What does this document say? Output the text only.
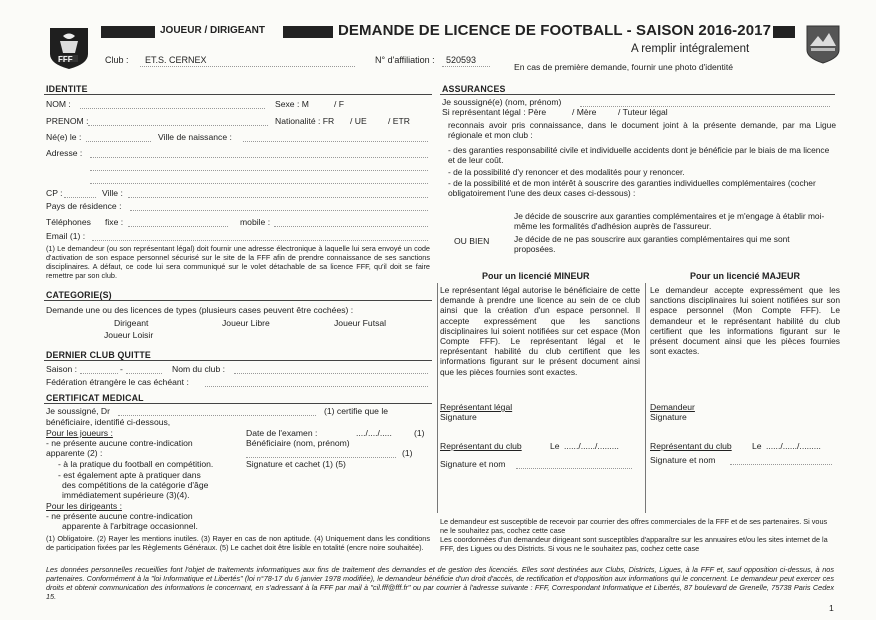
FFF
JOUEUR / DIRIGEANT	DEMANDE DE LICENCE DE FOOTBALL - SAISON 2016-2017
A remplir intégralement
En cas de première demande, fournir une photo d'identité
Club : ET.S. CERNEX	N° d'affiliation : 520593
IDENTITE
NOM :	Sexe : M	/ F
PRENOM :	Nationalité : FR / UE / ETR
Né(e) le :	Ville de naissance :
Adresse :
CP :	Ville :
Pays de résidence :
Téléphones fixe :	mobile :
Email (1) :
(1) Le demandeur (ou son représentant légal) doit fournir une adresse électronique à laquelle lui sera envoyé un code d'activation de son espace personnel sécurisé sur le site de la FFF afin de prendre connaissance de ses sanctions disciplinaires. A défaut, ce code lui sera communiqué sur le volet détachable de sa licence FFF, qu'il doit se faire remettre par son club.
CATEGORIE(S)
Demande une ou des licences de types (plusieurs cases peuvent être cochées) :
Dirigeant	Joueur Libre	Joueur Futsal
Joueur Loisir
DERNIER CLUB QUITTE
Saison :	-	Nom du club :
Fédération étrangère le cas échéant :
CERTIFICAT MEDICAL
Je soussigné, Dr	(1) certifie que le
bénéficiaire, identifié ci-dessous,
Pour les joueurs :	Date de l'examen :	..../..../.....	(1)
- ne présente aucune contre-indication	Bénéficiaire (nom, prénom)
apparente (2) :	(1)
- à la pratique du football en compétition.	Signature et cachet (1) (5)
- est également apte à pratiquer dans
des compétitions de la catégorie d'âge
immédiatement supérieure (3)(4).
Pour les dirigeants :
- ne présente aucune contre-indication
apparente à l'arbitrage occasionnel.
(1) Obligatoire. (2) Rayer les mentions inutiles. (3) Rayer en cas de non aptitude. (4) Uniquement dans les conditions de participation fixées par les Règlements Généraux. (5) Le cachet doit être lisible en totalité (encre noire souhaitée).
ASSURANCES
Je soussigné(e) (nom, prénom)
Si représentant légal : Père	/ Mère	/ Tuteur légal
reconnais avoir pris connaissance, dans le document joint à la présente demande, par ma Ligue régionale et mon club :
- des garanties responsabilité civile et individuelle accidents dont je bénéficie par le biais de ma licence et de leur coût.
- de la possibilité d'y renoncer et des modalités pour y renoncer.
- de la possibilité et de mon intérêt à souscrire des garanties individuelles complémentaires (cocher obligatoirement l'une des deux cases ci-dessous) :
Je décide de souscrire aux garanties complémentaires et je m'engage à établir moi-même les formalités d'adhésion auprès de l'assureur.
OU BIEN	Je décide de ne pas souscrire aux garanties complémentaires qui me sont proposées.
Pour un licencié MINEUR	Pour un licencié MAJEUR
Le représentant légal autorise le bénéficiaire de cette demande à prendre une licence au sein de ce club ainsi que la création d'un espace personnel. Il accepte expressément que les sanctions disciplinaires lui soient notifiées sur cet espace (Mon Compte FFF). Le représentant légal et le représentant habilité du club certifient que les informations figurant sur le présent document ainsi que les pièces fournies sont exactes.
Le demandeur accepte expressément que les sanctions disciplinaires lui soient notifiées sur son espace personnel (Mon Compte FFF). Le demandeur et le représentant habilité du club certifient que les informations figurant sur le présent document ainsi que les pièces fournies sont exactes.
Représentant légal
Signature
Demandeur
Signature
Représentant du club	Le ....../....../.........
Signature et nom
Représentant du club Le ....../....../.........
Signature et nom
Le demandeur est susceptible de recevoir par courrier des offres commerciales de la FFF et de ses partenaires. Si vous ne le souhaitez pas, cochez cette case
Les coordonnées d'un demandeur dirigeant sont susceptibles d'apparaître sur les annuaires et/ou les sites internet de la FFF, des Ligues ou des Districts. Si vous ne le souhaitez pas, cochez cette case
Les données personnelles recueillies font l'objet de traitements informatiques aux fins de traitement des demandes et de gestion des licenciés. Elles sont destinées aux Clubs, Districts, Ligues, à la FFF et, sauf opposition ci-dessus, à nos partenaires. Conformément à la "loi Informatique et Libertés" (loi n°78-17 du 6 janvier 1978 modifiée), le demandeur bénéficie d'un droit d'accès, de rectification et d'opposition aux informations qui le concernent. Le demandeur peut exercer ces droits et obtenir communication des informations le concernant, en s'adressant à la FFF par mail à "cil.fff@fff.fr" ou par courrier à l'adresse suivante : FFF, Correspondant Informatique et Libertés, 87 boulevard de Grenelle, 75738 Paris Cedex 15.
1
